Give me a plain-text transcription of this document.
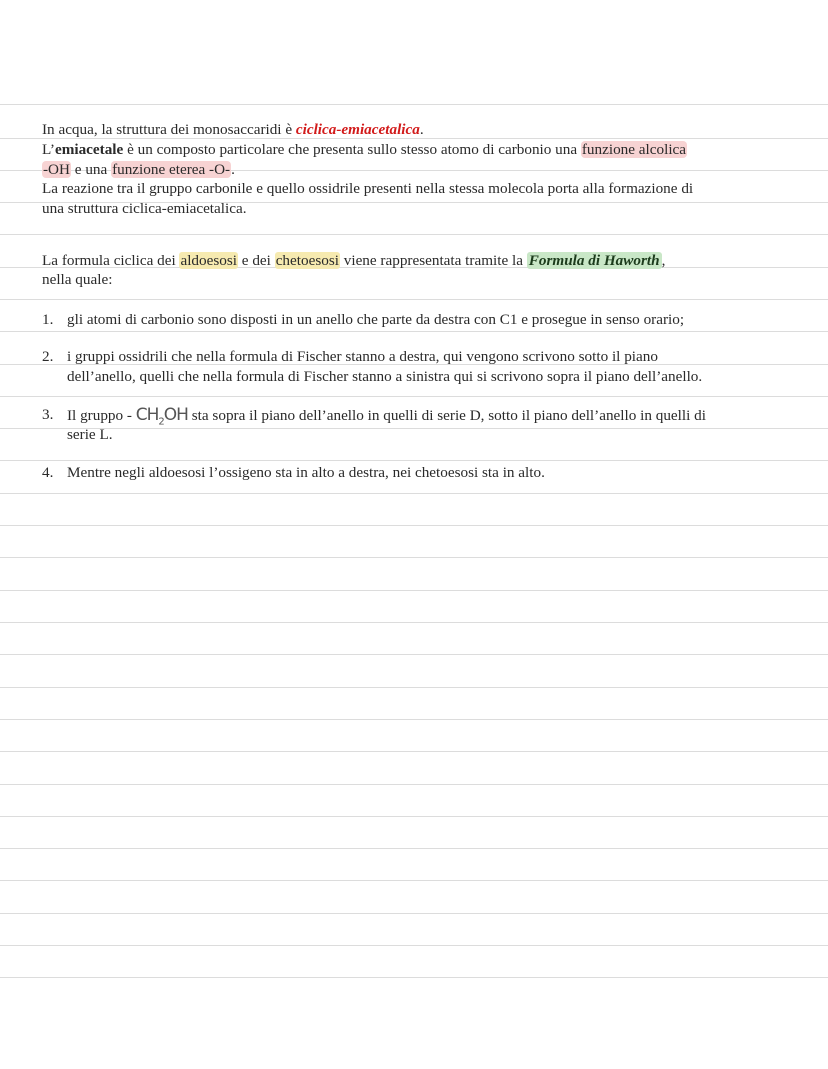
In acqua, la struttura dei monosaccaridi è ciclica-emiacetalica.
L’emiacetale è un composto particolare che presenta sullo stesso atomo di carbonio una funzione alcolica
-OH e una funzione eterea -O-.
La reazione tra il gruppo carbonile e quello ossidrile presenti nella stessa molecola porta alla formazione di
una struttura ciclica-emiacetalica.
La formula ciclica dei aldoesosi e dei chetoesosi viene rappresentata tramite la Formula di Haworth ,
nella quale:
1. gli atomi di carbonio sono disposti in un anello che parte da destra con C1 e prosegue in senso orario;
2. i gruppi ossidrili che nella formula di Fischer stanno a destra, qui vengono scrivono sotto il piano
dell’anello, quelli che nella formula di Fischer stanno a sinistra qui si scrivono sopra il piano dell’anello.
3. Il gruppo - $CH_2OH$ sta sopra il piano dell’anello in quelli di serie D, sotto il piano dell’anello in quelli di
serie L.
4. Mentre negli aldoesosi l’ossigeno sta in alto a destra, nei chetoesosi sta in alto.
